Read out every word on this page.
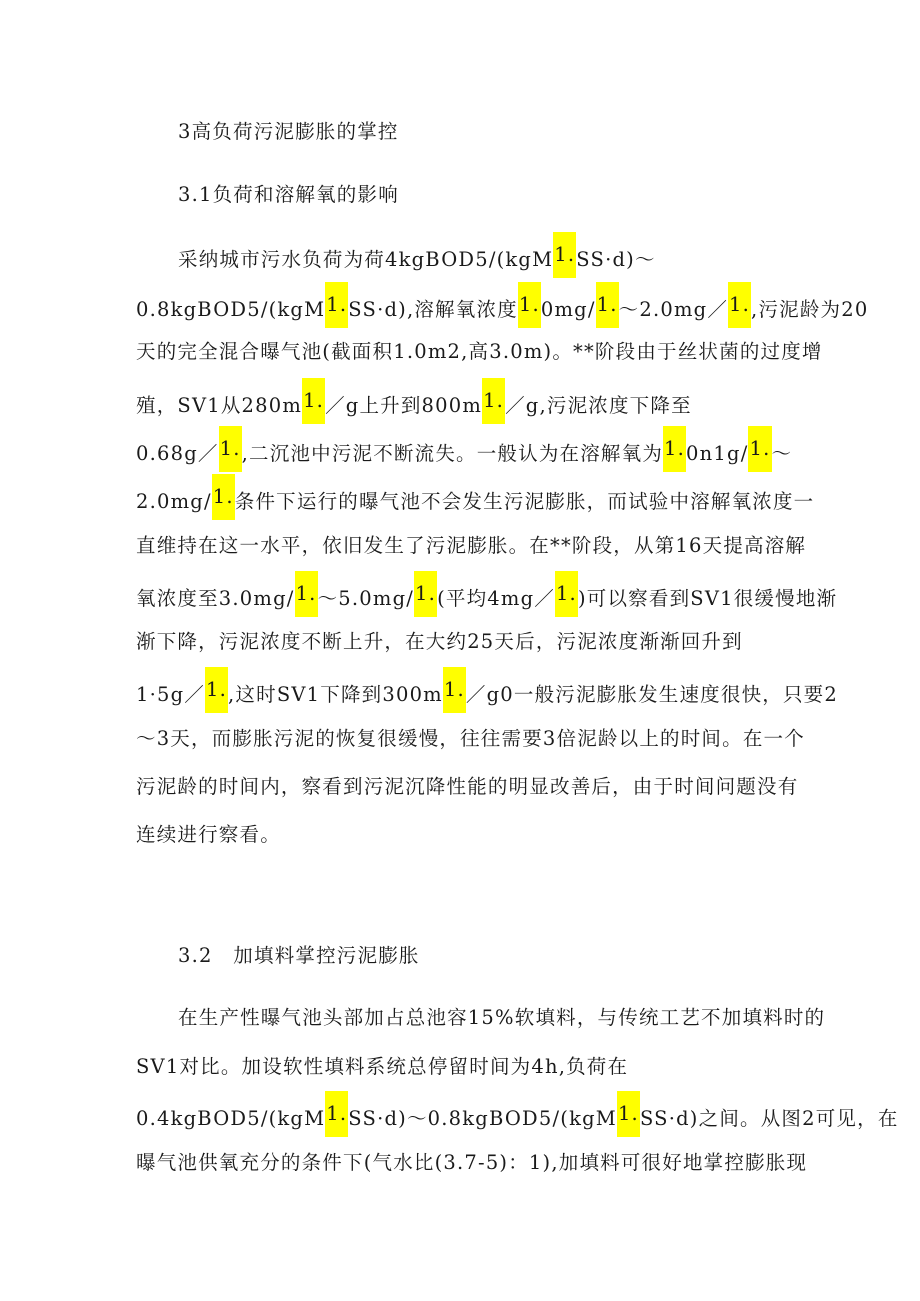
3高负荷污泥膨胀的掌控
3.1负荷和溶解氧的影响
采纳城市污水负荷为荷4kgBOD5/(kgM1.SS·d)～
0.8kgBOD5/(kgM1.SS·d),溶解氧浓度1.0mg/1.～2.0mg／1.,污泥龄为20
天的完全混合曝气池(截面积1.0m2,高3.0m)。**阶段由于丝状菌的过度增
殖，SV1从280m1.／g上升到800m1.／g,污泥浓度下降至
0.68g／1.,二沉池中污泥不断流失。一般认为在溶解氧为1.0n1g/1.～
2.0mg/1.条件下运行的曝气池不会发生污泥膨胀，而试验中溶解氧浓度一
直维持在这一水平，依旧发生了污泥膨胀。在**阶段，从第16天提高溶解
氧浓度至3.0mg/1.～5.0mg/1.(平均4mg／1.)可以察看到SV1很缓慢地渐
渐下降，污泥浓度不断上升，在大约25天后，污泥浓度渐渐回升到
1·5g／1.,这时SV1下降到300m1.／g0一般污泥膨胀发生速度很快，只要2
～3天，而膨胀污泥的恢复很缓慢，往往需要3倍泥龄以上的时间。在一个
污泥龄的时间内，察看到污泥沉降性能的明显改善后，由于时间问题没有
连续进行察看。
3.2　加填料掌控污泥膨胀
在生产性曝气池头部加占总池容15%软填料，与传统工艺不加填料时的
SV1对比。加设软性填料系统总停留时间为4h,负荷在
0.4kgBOD5/(kgM1.SS·d)～0.8kgBOD5/(kgM1.SS·d)之间。从图2可见，在
曝气池供氧充分的条件下(气水比(3.7-5)：1),加填料可很好地掌控膨胀现
